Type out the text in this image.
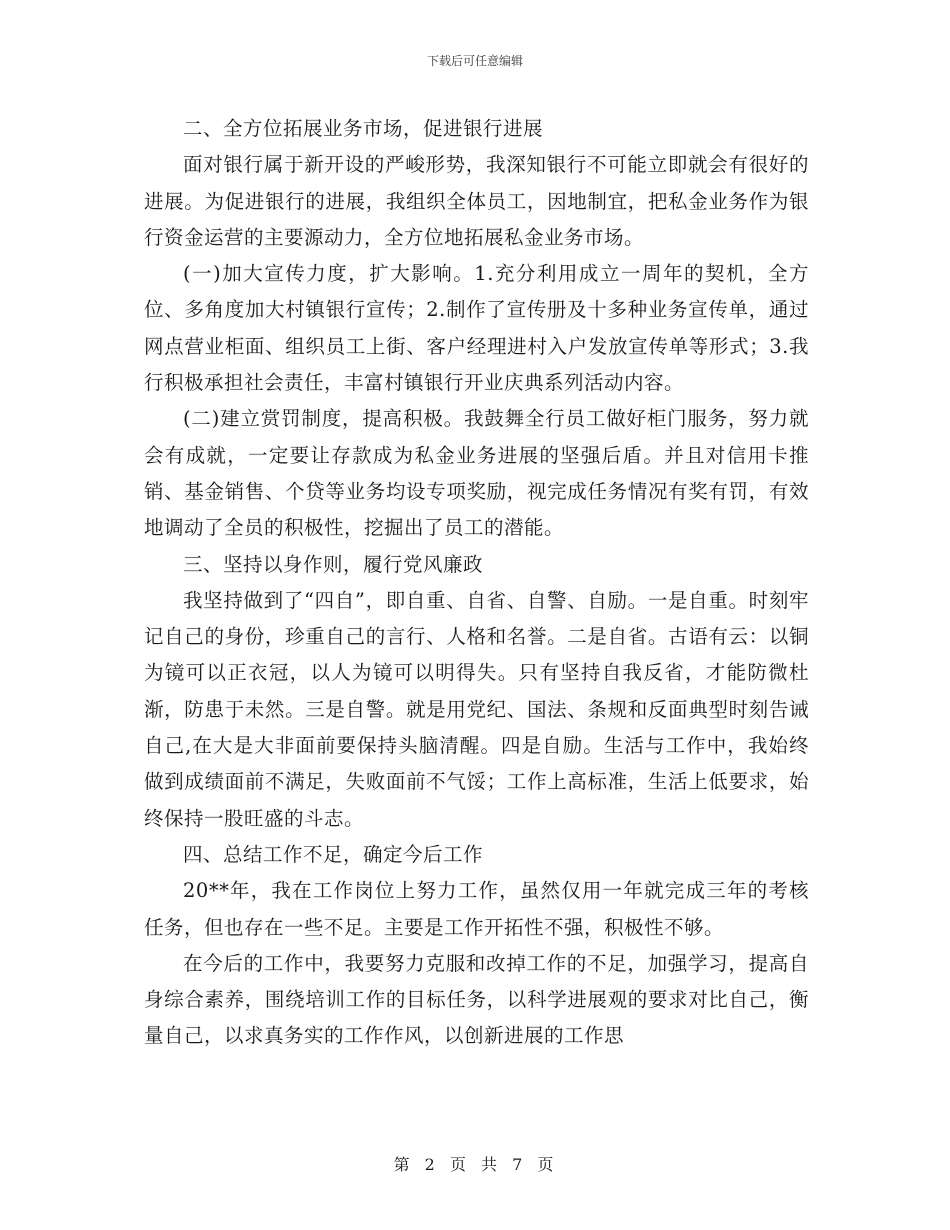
下载后可任意编辑

二、全方位拓展业务市场，促进银行进展

面对银行属于新开设的严峻形势，我深知银行不可能立即就会有很好的进展。为促进银行的进展，我组织全体员工，因地制宜，把私金业务作为银行资金运营的主要源动力，全方位地拓展私金业务市场。

(一)加大宣传力度，扩大影响。1.充分利用成立一周年的契机，全方位、多角度加大村镇银行宣传；2.制作了宣传册及十多种业务宣传单，通过网点营业柜面、组织员工上街、客户经理进村入户发放宣传单等形式；3.我行积极承担社会责任，丰富村镇银行开业庆典系列活动内容。

(二)建立赏罚制度，提高积极。我鼓舞全行员工做好柜门服务，努力就会有成就，一定要让存款成为私金业务进展的坚强后盾。并且对信用卡推销、基金销售、个贷等业务均设专项奖励，视完成任务情况有奖有罚，有效地调动了全员的积极性，挖掘出了员工的潜能。

三、坚持以身作则，履行党风廉政

我坚持做到了“四自”，即自重、自省、自警、自励。一是自重。时刻牢记自己的身份，珍重自己的言行、人格和名誉。二是自省。古语有云：以铜为镜可以正衣冠，以人为镜可以明得失。只有坚持自我反省，才能防微杜渐，防患于未然。三是自警。就是用党纪、国法、条规和反面典型时刻告诫自己,在大是大非面前要保持头脑清醒。四是自励。生活与工作中，我始终做到成绩面前不满足，失败面前不气馁；工作上高标准，生活上低要求，始终保持一股旺盛的斗志。

四、总结工作不足，确定今后工作

20**年，我在工作岗位上努力工作，虽然仅用一年就完成三年的考核任务，但也存在一些不足。主要是工作开拓性不强，积极性不够。

在今后的工作中，我要努力克服和改掉工作的不足，加强学习，提高自身综合素养，围绕培训工作的目标任务，以科学进展观的要求对比自己，衡量自己，以求真务实的工作作风，以创新进展的工作思

第 2 页 共 7 页
